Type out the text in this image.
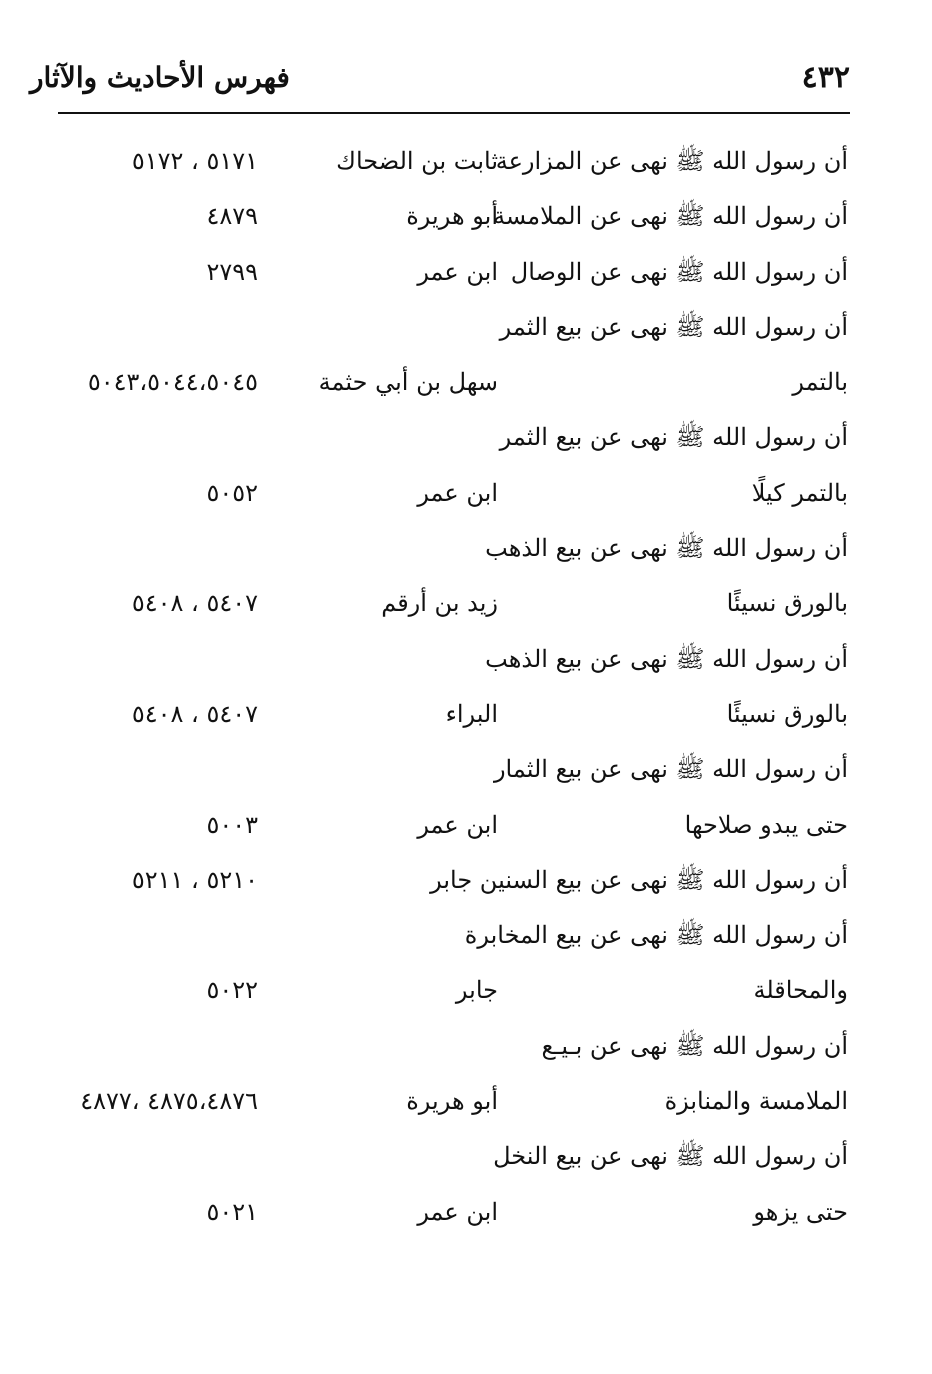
٤٣٢
فهرس الأحاديث والآثار
أن رسول الله ﷺ نهى عن المزارعة
ثابت بن الضحاك
٥١٧١ ، ٥١٧٢
أن رسول الله ﷺ نهى عن الملامسة
أبو هريرة
٤٨٧٩
أن رسول الله ﷺ نهى عن الوصال
ابن عمر
٢٧٩٩
أن رسول الله ﷺ نهى عن بيع الثمر
بالتمر
سهل بن أبي حثمة
٥٠٤٣،٥٠٤٤،٥٠٤٥
أن رسول الله ﷺ نهى عن بيع الثمر
بالتمر كيلًا
ابن عمر
٥٠٥٢
أن رسول الله ﷺ نهى عن بيع الذهب
بالورق نسيئًا
زيد بن أرقم
٥٤٠٧ ، ٥٤٠٨
أن رسول الله ﷺ نهى عن بيع الذهب
بالورق نسيئًا
البراء
٥٤٠٧ ، ٥٤٠٨
أن رسول الله ﷺ نهى عن بيع الثمار
حتى يبدو صلاحها
ابن عمر
٥٠٠٣
أن رسول الله ﷺ نهى عن بيع السنين جابر
٥٢١٠ ، ٥٢١١
أن رسول الله ﷺ نهى عن بيع المخابرة
والمحاقلة
جابر
٥٠٢٢
أن رسول الله ﷺ نهى عن بـيـع
الملامسة والمنابزة
أبو هريرة
٤٨٧٥،٤٨٧٦ ،٤٨٧٧
أن رسول الله ﷺ نهى عن بيع النخل
حتى يزهو
ابن عمر
٥٠٢١
